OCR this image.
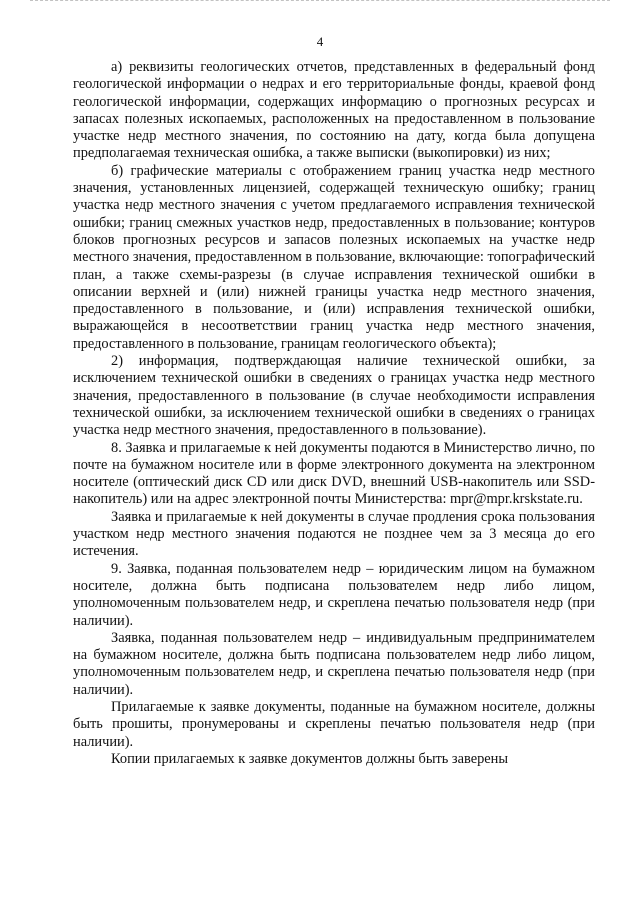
4

а) реквизиты геологических отчетов, представленных в федеральный фонд геологической информации о недрах и его территориальные фонды, краевой фонд геологической информации, содержащих информацию о прогнозных ресурсах и запасах полезных ископаемых, расположенных на предоставленном в пользование участке недр местного значения, по состоянию на дату, когда была допущена предполагаемая техническая ошибка, а также выписки (выкопировки) из них;

б) графические материалы с отображением границ участка недр местного значения, установленных лицензией, содержащей техническую ошибку; границ участка недр местного значения с учетом предлагаемого исправления технической ошибки; границ смежных участков недр, предоставленных в пользование; контуров блоков прогнозных ресурсов и запасов полезных ископаемых на участке недр местного значения, предоставленном в пользование, включающие: топографический план, а также схемы-разрезы (в случае исправления технической ошибки в описании верхней и (или) нижней границы участка недр местного значения, предоставленного в пользование, и (или) исправления технической ошибки, выражающейся в несоответствии границ участка недр местного значения, предоставленного в пользование, границам геологического объекта);

2) информация, подтверждающая наличие технической ошибки, за исключением технической ошибки в сведениях о границах участка недр местного значения, предоставленного в пользование (в случае необходимости исправления технической ошибки, за исключением технической ошибки в сведениях о границах участка недр местного значения, предоставленного в пользование).

8. Заявка и прилагаемые к ней документы подаются в Министерство лично, по почте на бумажном носителе или в форме электронного документа на электронном носителе (оптический диск CD или диск DVD, внешний USB-накопитель или SSD-накопитель) или на адрес электронной почты Министерства: mpr@mpr.krskstate.ru.

Заявка и прилагаемые к ней документы в случае продления срока пользования участком недр местного значения подаются не позднее чем за 3 месяца до его истечения.

9. Заявка, поданная пользователем недр – юридическим лицом на бумажном носителе, должна быть подписана пользователем недр либо лицом, уполномоченным пользователем недр, и скреплена печатью пользователя недр (при наличии).

Заявка, поданная пользователем недр – индивидуальным предпринимателем на бумажном носителе, должна быть подписана пользователем недр либо лицом, уполномоченным пользователем недр, и скреплена печатью пользователя недр (при наличии).

Прилагаемые к заявке документы, поданные на бумажном носителе, должны быть прошиты, пронумерованы и скреплены печатью пользователя недр (при наличии).

Копии прилагаемых к заявке документов должны быть заверены
